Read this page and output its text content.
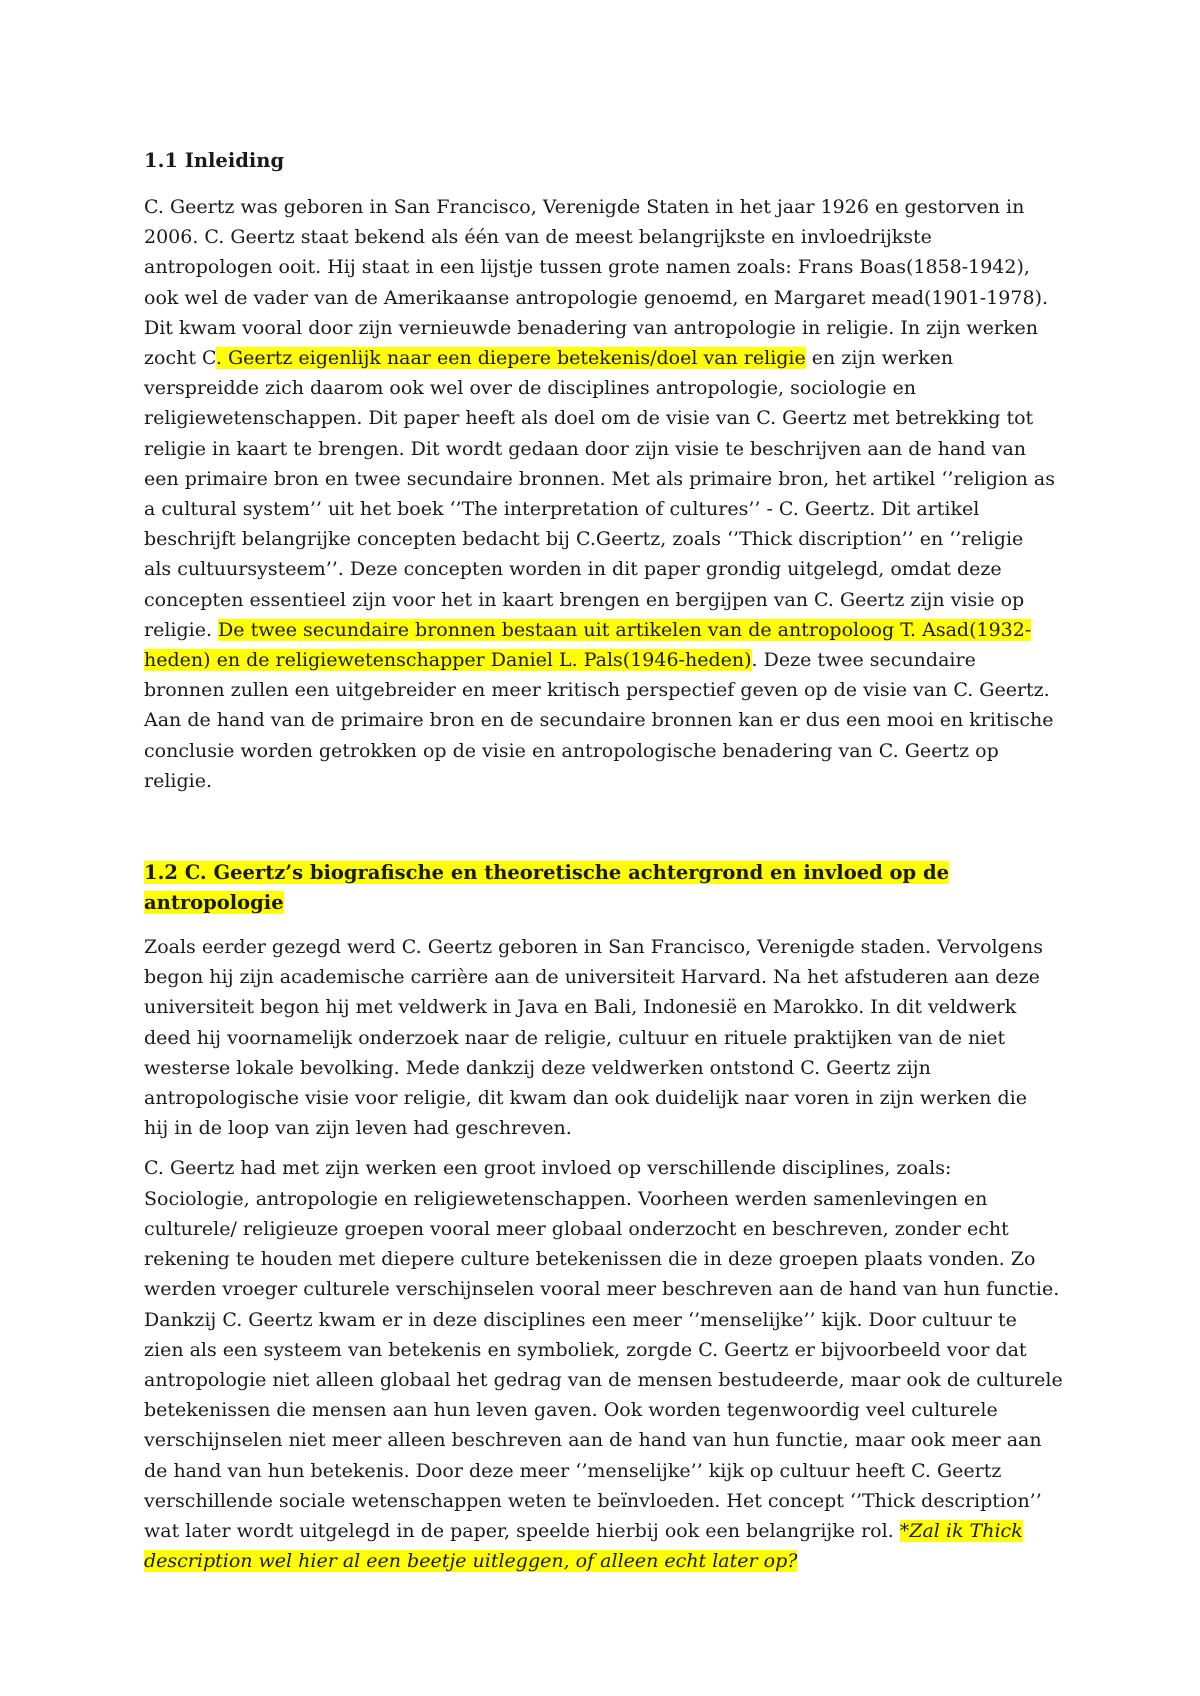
1.1 Inleiding

C. Geertz was geboren in San Francisco, Verenigde Staten in het jaar 1926 en gestorven in

2006. C. Geertz staat bekend als één van de meest belangrijkste en invloedrijkste

antropologen ooit. Hij staat in een lijstje tussen grote namen zoals: Frans Boas(1858-1942),

ook wel de vader van de Amerikaanse antropologie genoemd, en Margaret mead(1901-1978).

Dit kwam vooral door zijn vernieuwde benadering van antropologie in religie. In zijn werken

zocht C. Geertz eigenlijk naar een diepere betekenis/doel van religie en zijn werken

verspreidde zich daarom ook wel over de disciplines antropologie, sociologie en

religiewetenschappen. Dit paper heeft als doel om de visie van C. Geertz met betrekking tot

religie in kaart te brengen. Dit wordt gedaan door zijn visie te beschrijven aan de hand van

een primaire bron en twee secundaire bronnen. Met als primaire bron, het artikel ‘’religion as

a cultural system’’ uit het boek ‘’The interpretation of cultures’’ - C. Geertz. Dit artikel

beschrijft belangrijke concepten bedacht bij C.Geertz, zoals ‘’Thick discription’’ en ‘’religie

als cultuursysteem’’. Deze concepten worden in dit paper grondig uitgelegd, omdat deze

concepten essentieel zijn voor het in kaart brengen en bergijpen van C. Geertz zijn visie op

religie. De twee secundaire bronnen bestaan uit artikelen van de antropoloog T. Asad(1932-

heden) en de religiewetenschapper Daniel L. Pals(1946-heden). Deze twee secundaire

bronnen zullen een uitgebreider en meer kritisch perspectief geven op de visie van C. Geertz.

Aan de hand van de primaire bron en de secundaire bronnen kan er dus een mooi en kritische

conclusie worden getrokken op de visie en antropologische benadering van C. Geertz op

religie.

1.2 C. Geertz’s biografische en theoretische achtergrond en invloed op de antropologie

Zoals eerder gezegd werd C. Geertz geboren in San Francisco, Verenigde staden. Vervolgens

begon hij zijn academische carrière aan de universiteit Harvard. Na het afstuderen aan deze

universiteit begon hij met veldwerk in Java en Bali, Indonesië en Marokko. In dit veldwerk

deed hij voornamelijk onderzoek naar de religie, cultuur en rituele praktijken van de niet

westerse lokale bevolking. Mede dankzij deze veldwerken ontstond C. Geertz zijn

antropologische visie voor religie, dit kwam dan ook duidelijk naar voren in zijn werken die

hij in de loop van zijn leven had geschreven.

C. Geertz had met zijn werken een groot invloed op verschillende disciplines, zoals:

Sociologie, antropologie en religiewetenschappen. Voorheen werden samenlevingen en

culturele/ religieuze groepen vooral meer globaal onderzocht en beschreven, zonder echt

rekening te houden met diepere culture betekenissen die in deze groepen plaats vonden. Zo

werden vroeger culturele verschijnselen vooral meer beschreven aan de hand van hun functie.

Dankzij C. Geertz kwam er in deze disciplines een meer ‘’menselijke’’ kijk. Door cultuur te

zien als een systeem van betekenis en symboliek, zorgde C. Geertz er bijvoorbeeld voor dat

antropologie niet alleen globaal het gedrag van de mensen bestudeerde, maar ook de culturele

betekenissen die mensen aan hun leven gaven. Ook worden tegenwoordig veel culturele

verschijnselen niet meer alleen beschreven aan de hand van hun functie, maar ook meer aan

de hand van hun betekenis. Door deze meer ‘’menselijke’’ kijk op cultuur heeft C. Geertz

verschillende sociale wetenschappen weten te beïnvloeden. Het concept ‘’Thick description’’

wat later wordt uitgelegd in de paper, speelde hierbij ook een belangrijke rol. *Zal ik Thick

description wel hier al een beetje uitleggen, of alleen echt later op?
